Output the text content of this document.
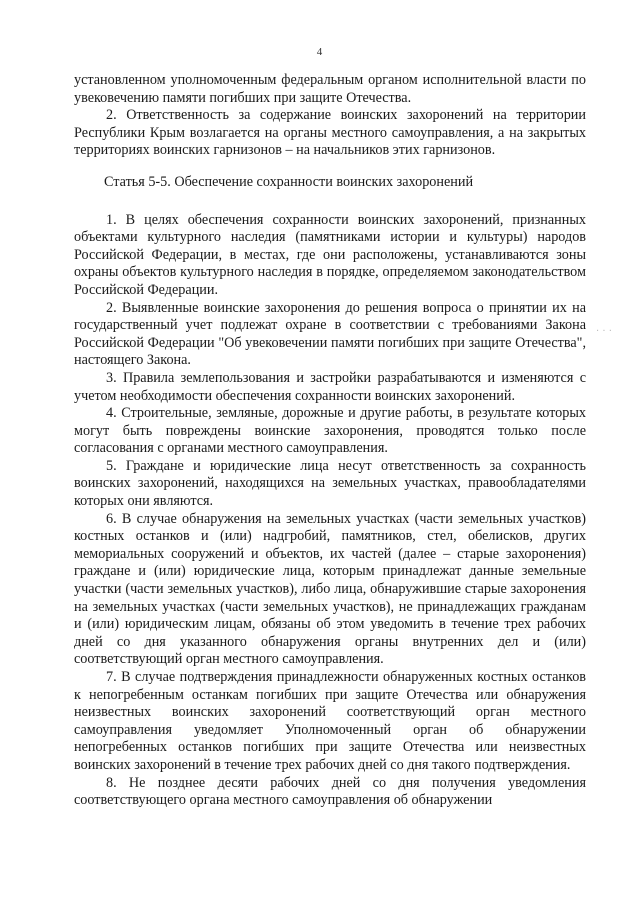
4

установленном уполномоченным федеральным органом исполнительной власти по увековечению памяти погибших при защите Отечества.

2. Ответственность за содержание воинских захоронений на территории Республики Крым возлагается на органы местного самоуправления, а на закрытых территориях воинских гарнизонов – на начальников этих гарнизонов.

Статья 5-5. Обеспечение сохранности воинских захоронений

1. В целях обеспечения сохранности воинских захоронений, признанных объектами культурного наследия (памятниками истории и культуры) народов Российской Федерации, в местах, где они расположены, устанавливаются зоны охраны объектов культурного наследия в порядке, определяемом законодательством Российской Федерации.

2. Выявленные воинские захоронения до решения вопроса о принятии их на государственный учет подлежат охране в соответствии с требованиями Закона Российской Федерации "Об увековечении памяти погибших при защите Отечества", настоящего Закона.

3. Правила землепользования и застройки разрабатываются и изменяются с учетом необходимости обеспечения сохранности воинских захоронений.

4. Строительные, земляные, дорожные и другие работы, в результате которых могут быть повреждены воинские захоронения, проводятся только после согласования с органами местного самоуправления.

5. Граждане и юридические лица несут ответственность за сохранность воинских захоронений, находящихся на земельных участках, правообладателями которых они являются.

6. В случае обнаружения на земельных участках (части земельных участков) костных останков и (или) надгробий, памятников, стел, обелисков, других мемориальных сооружений и объектов, их частей (далее – старые захоронения) граждане и (или) юридические лица, которым принадлежат данные земельные участки (части земельных участков), либо лица, обнаружившие старые захоронения на земельных участках (части земельных участков), не принадлежащих гражданам и (или) юридическим лицам, обязаны об этом уведомить в течение трех рабочих дней со дня указанного обнаружения органы внутренних дел и (или) соответствующий орган местного самоуправления.

7. В случае подтверждения принадлежности обнаруженных костных останков к непогребенным останкам погибших при защите Отечества или обнаружения неизвестных воинских захоронений соответствующий орган местного самоуправления уведомляет Уполномоченный орган об обнаружении непогребенных останков погибших при защите Отечества или неизвестных воинских захоронений в течение трех рабочих дней со дня такого подтверждения.

8. Не позднее десяти рабочих дней со дня получения уведомления соответствующего органа местного самоуправления об обнаружении

· · ·
